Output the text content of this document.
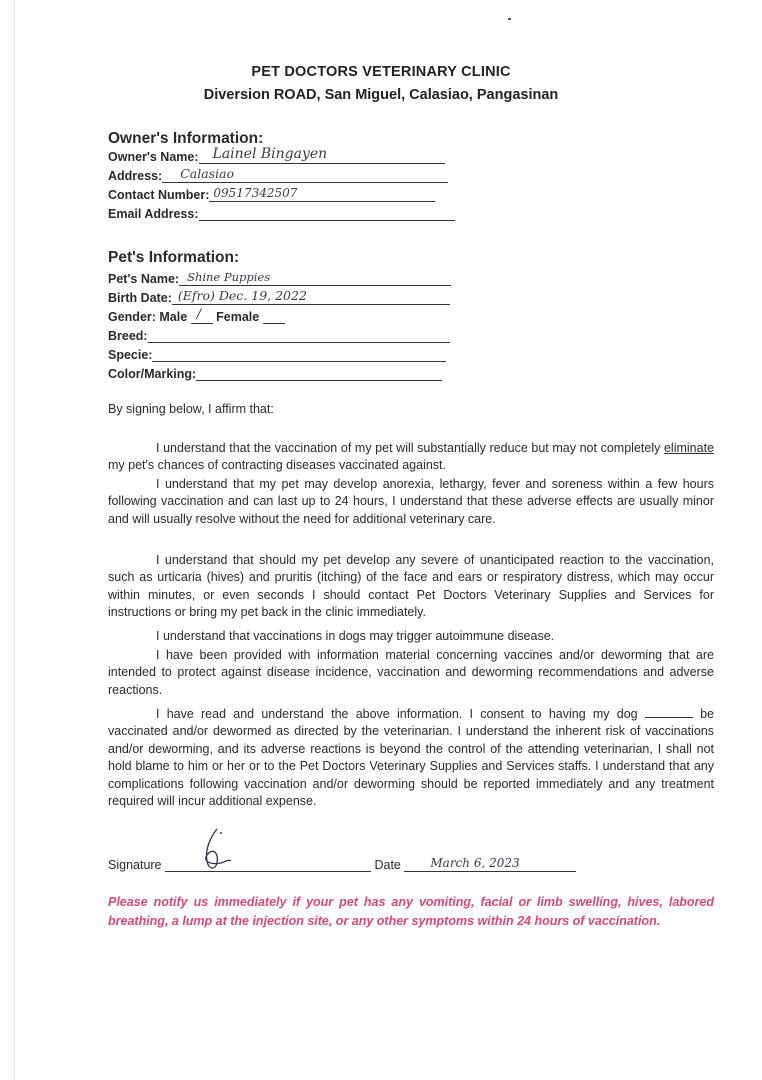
PET DOCTORS VETERINARY CLINIC
Diversion ROAD, San Miguel, Calasiao, Pangasinan
Owner's Information:
Owner's Name: Lainel Bingayen
Address: Calasiao
Contact Number: 09517342507
Email Address:
Pet's Information:
Pet's Name: Shine Puppies
Birth Date: (Efro) Dec. 19, 2022
Gender: Male / Female
Breed:
Specie:
Color/Marking:
By signing below, I affirm that:
I understand that the vaccination of my pet will substantially reduce but may not completely eliminate my pet's chances of contracting diseases vaccinated against.
I understand that my pet may develop anorexia, lethargy, fever and soreness within a few hours following vaccination and can last up to 24 hours, I understand that these adverse effects are usually minor and will usually resolve without the need for additional veterinary care.
I understand that should my pet develop any severe of unanticipated reaction to the vaccination, such as urticaria (hives) and pruritis (itching) of the face and ears or respiratory distress, which may occur within minutes, or even seconds I should contact Pet Doctors Veterinary Supplies and Services for instructions or bring my pet back in the clinic immediately.
I understand that vaccinations in dogs may trigger autoimmune disease.
I have been provided with information material concerning vaccines and/or deworming that are intended to protect against disease incidence, vaccination and deworming recommendations and adverse reactions.
I have read and understand the above information. I consent to having my dog	be vaccinated and/or dewormed as directed by the veterinarian. I understand the inherent risk of vaccinations and/or deworming, and its adverse reactions is beyond the control of the attending veterinarian, I shall not hold blame to him or her or to the Pet Doctors Veterinary Supplies and Services staffs. I understand that any complications following vaccination and/or deworming should be reported immediately and any treatment required will incur additional expense.
Signature	Date March 6, 2023
Please notify us immediately if your pet has any vomiting, facial or limb swelling, hives, labored breathing, a lump at the injection site, or any other symptoms within 24 hours of vaccination.
